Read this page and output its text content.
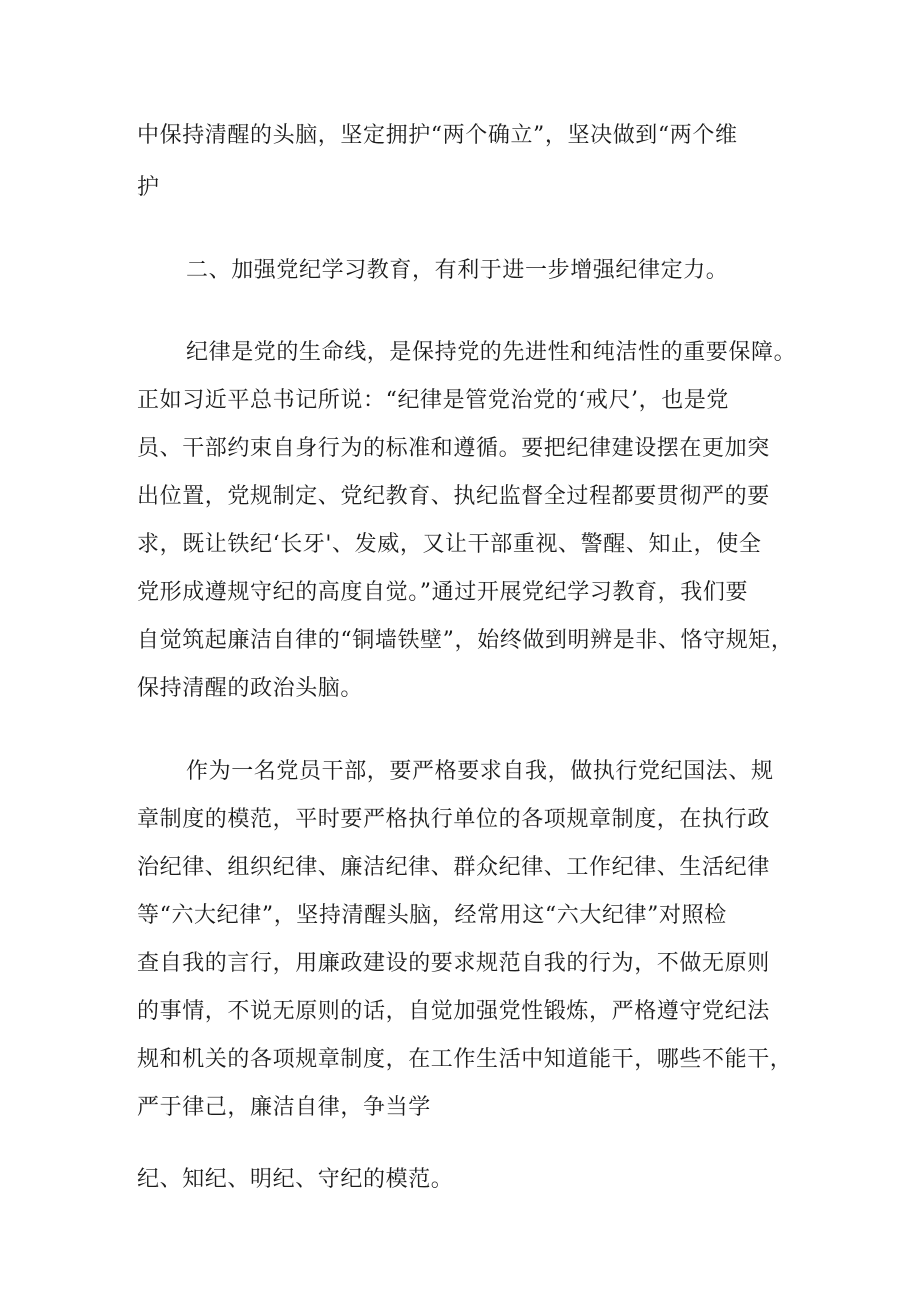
中保持清醒的头脑，坚定拥护“两个确立”，坚决做到“两个维
护
二、加强党纪学习教育，有利于进一步增强纪律定力。
纪律是党的生命线，是保持党的先进性和纯洁性的重要保障。
正如习近平总书记所说：“纪律是管党治党的‘戒尺’，也是党
员、干部约束自身行为的标准和遵循。要把纪律建设摆在更加突
出位置，党规制定、党纪教育、执纪监督全过程都要贯彻严的要
求，既让铁纪‘长牙'、发威，又让干部重视、警醒、知止，使全
党形成遵规守纪的高度自觉。”通过开展党纪学习教育，我们要
自觉筑起廉洁自律的“铜墙铁壁”，始终做到明辨是非、恪守规矩，
保持清醒的政治头脑。
作为一名党员干部，要严格要求自我，做执行党纪国法、规
章制度的模范，平时要严格执行单位的各项规章制度，在执行政
治纪律、组织纪律、廉洁纪律、群众纪律、工作纪律、生活纪律
等“六大纪律”，坚持清醒头脑，经常用这“六大纪律”对照检
查自我的言行，用廉政建设的要求规范自我的行为，不做无原则
的事情，不说无原则的话，自觉加强党性锻炼，严格遵守党纪法
规和机关的各项规章制度，在工作生活中知道能干，哪些不能干，
严于律己，廉洁自律，争当学
纪、知纪、明纪、守纪的模范。
